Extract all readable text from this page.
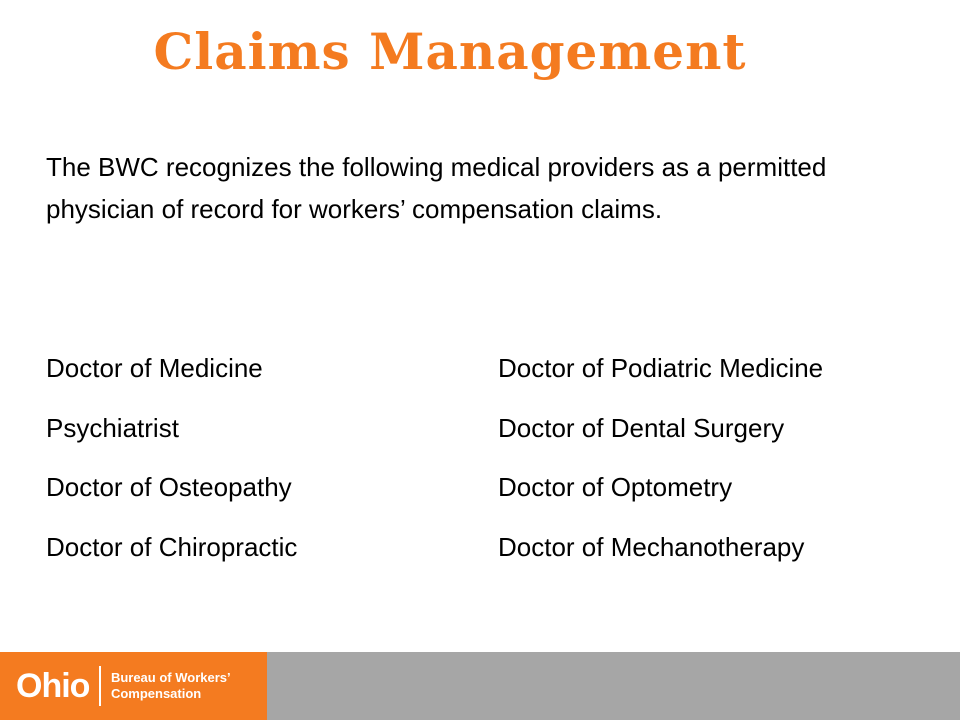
Claims Management

The BWC recognizes the following medical providers as a permitted physician of record for workers’ compensation claims.

Doctor of Medicine	Doctor of Podiatric Medicine
Psychiatrist	Doctor of Dental Surgery
Doctor of Osteopathy	Doctor of Optometry
Doctor of Chiropractic	Doctor of Mechanotherapy
Ohio Bureau of Workers’
Compensation
